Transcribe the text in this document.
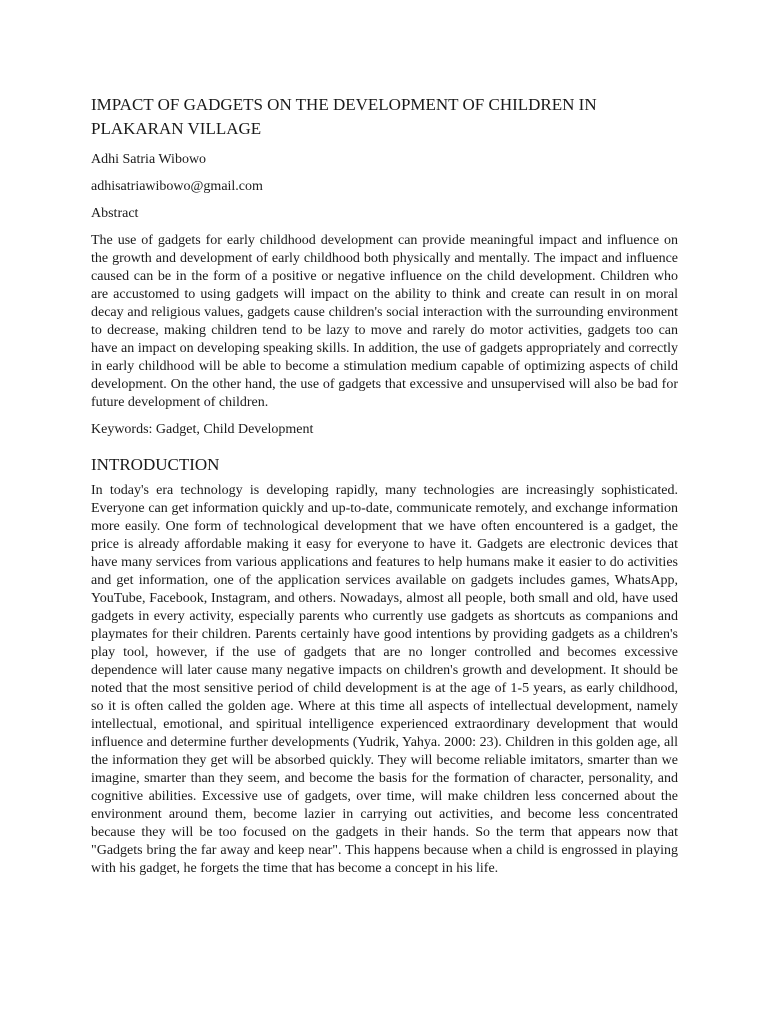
IMPACT OF GADGETS ON THE DEVELOPMENT OF CHILDREN IN PLAKARAN VILLAGE

Adhi Satria Wibowo

adhisatriawibowo@gmail.com

Abstract

The use of gadgets for early childhood development can provide meaningful impact and influence on the growth and development of early childhood both physically and mentally. The impact and influence caused can be in the form of a positive or negative influence on the child development. Children who are accustomed to using gadgets will impact on the ability to think and create can result in on moral decay and religious values, gadgets cause children's social interaction with the surrounding environment to decrease, making children tend to be lazy to move and rarely do motor activities, gadgets too can have an impact on developing speaking skills. In addition, the use of gadgets appropriately and correctly in early childhood will be able to become a stimulation medium capable of optimizing aspects of child development. On the other hand, the use of gadgets that excessive and unsupervised will also be bad for future development of children.

Keywords: Gadget, Child Development

INTRODUCTION

In today's era technology is developing rapidly, many technologies are increasingly sophisticated. Everyone can get information quickly and up-to-date, communicate remotely, and exchange information more easily. One form of technological development that we have often encountered is a gadget, the price is already affordable making it easy for everyone to have it. Gadgets are electronic devices that have many services from various applications and features to help humans make it easier to do activities and get information, one of the application services available on gadgets includes games, WhatsApp, YouTube, Facebook, Instagram, and others. Nowadays, almost all people, both small and old, have used gadgets in every activity, especially parents who currently use gadgets as shortcuts as companions and playmates for their children. Parents certainly have good intentions by providing gadgets as a children's play tool, however, if the use of gadgets that are no longer controlled and becomes excessive dependence will later cause many negative impacts on children's growth and development. It should be noted that the most sensitive period of child development is at the age of 1-5 years, as early childhood, so it is often called the golden age. Where at this time all aspects of intellectual development, namely intellectual, emotional, and spiritual intelligence experienced extraordinary development that would influence and determine further developments (Yudrik, Yahya. 2000: 23). Children in this golden age, all the information they get will be absorbed quickly. They will become reliable imitators, smarter than we imagine, smarter than they seem, and become the basis for the formation of character, personality, and cognitive abilities. Excessive use of gadgets, over time, will make children less concerned about the environment around them, become lazier in carrying out activities, and become less concentrated because they will be too focused on the gadgets in their hands. So the term that appears now that "Gadgets bring the far away and keep near". This happens because when a child is engrossed in playing with his gadget, he forgets the time that has become a concept in his life.
